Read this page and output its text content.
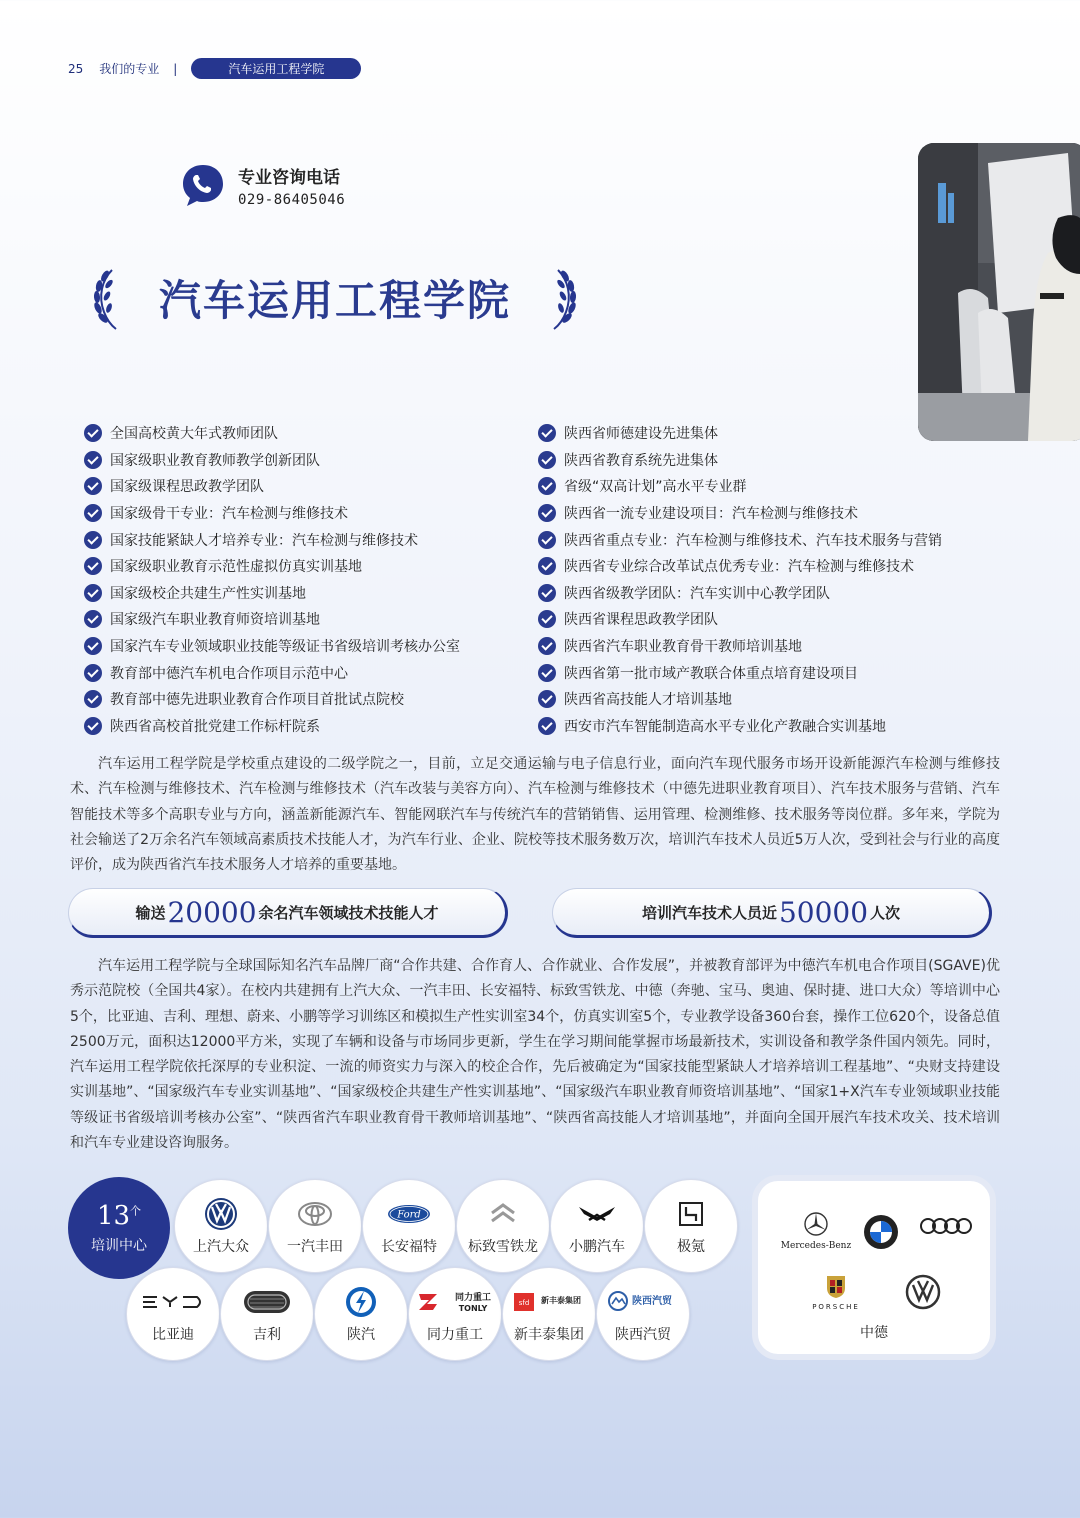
25 我们的专业 |	汽车运用工程学院
专业咨询电话
029-86405046
汽车运用工程学院
全国高校黄大年式教师团队
国家级职业教育教师教学创新团队
国家级课程思政教学团队
国家级骨干专业：汽车检测与维修技术
国家技能紧缺人才培养专业：汽车检测与维修技术
国家级职业教育示范性虚拟仿真实训基地
国家级校企共建生产性实训基地
国家级汽车职业教育师资培训基地
国家汽车专业领域职业技能等级证书省级培训考核办公室
教育部中德汽车机电合作项目示范中心
教育部中德先进职业教育合作项目首批试点院校
陕西省高校首批党建工作标杆院系
陕西省师德建设先进集体
陕西省教育系统先进集体
省级“双高计划”高水平专业群
陕西省一流专业建设项目：汽车检测与维修技术
陕西省重点专业：汽车检测与维修技术、汽车技术服务与营销
陕西省专业综合改革试点优秀专业：汽车检测与维修技术
陕西省级教学团队：汽车实训中心教学团队
陕西省课程思政教学团队
陕西省汽车职业教育骨干教师培训基地
陕西省第一批市域产教联合体重点培育建设项目
陕西省高技能人才培训基地
西安市汽车智能制造高水平专业化产教融合实训基地

汽车运用工程学院是学校重点建设的二级学院之一，目前，立足交通运输与电子信息行业，面向汽车现代服务市场开设新能源汽车检测与维修技术、汽车检测与维修技术、汽车检测与维修技术（汽车改装与美容方向）、汽车检测与维修技术（中德先进职业教育项目）、汽车技术服务与营销、汽车智能技术等多个高职专业与方向，涵盖新能源汽车、智能网联汽车与传统汽车的营销销售、运用管理、检测维修、技术服务等岗位群。多年来，学院为社会输送了2万余名汽车领域高素质技术技能人才，为汽车行业、企业、院校等技术服务数万次，培训汽车技术人员近5万人次，受到社会与行业的高度评价，成为陕西省汽车技术服务人才培养的重要基地。

输送 20000 余名汽车领域技术技能人才	培训汽车技术人员近 50000 人次

汽车运用工程学院与全球国际知名汽车品牌厂商“合作共建、合作育人、合作就业、合作发展”，并被教育部评为中德汽车机电合作项目(SGAVE)优秀示范院校（全国共4家）。在校内共建拥有上汽大众、一汽丰田、长安福特、标致雪铁龙、中德（奔驰、宝马、奥迪、保时捷、进口大众）等培训中心5个，比亚迪、吉利、理想、蔚来、小鹏等学习训练区和模拟生产性实训室34个，仿真实训室5个，专业教学设备360台套，操作工位620个，设备总值2500万元，面积达12000平方米，实现了车辆和设备与市场同步更新，学生在学习期间能掌握市场最新技术，实训设备和教学条件国内领先。同时，汽车运用工程学院依托深厚的专业积淀、一流的师资实力与深入的校企合作，先后被确定为“国家技能型紧缺人才培养培训工程基地”、“央财支持建设实训基地”、“国家级汽车专业实训基地”、“国家级校企共建生产性实训基地”、“国家级汽车职业教育师资培训基地”、“国家1+X汽车专业领域职业技能等级证书省级培训考核办公室”、“陕西省汽车职业教育骨干教师培训基地”、“陕西省高技能人才培训基地”，并面向全国开展汽车技术攻关、技术培训和汽车专业建设咨询服务。

$13^个$
培训中心	上汽大众	一汽丰田
Ford
长安福特 标致雪铁龙 小鹏汽车	极氪
比亚迪	吉利	陕汽
同力重工
TONLY
同力重工
sfd 新丰泰集团
新丰泰集团
陕西汽贸
陕西汽贸
Mercedes-Benz
PORSCHE
中德
